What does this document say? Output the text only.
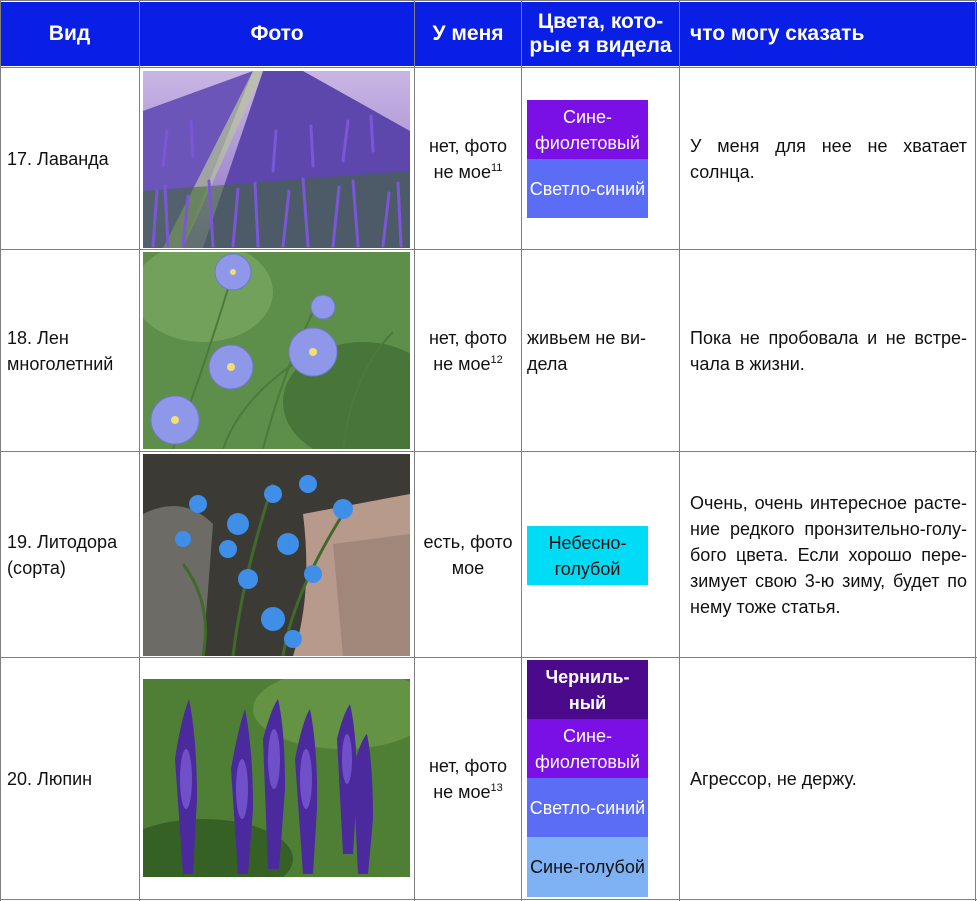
Вид	Фото	У меня
Цвета, кото-рые я видела
что могу сказать
17. Лаванда
нет, фото не мое$^{11}$
Сине-фиолетовый
Светло-синий
У меня для нее не хватает солнца.
18. Лен многолетний
нет, фото не мое$^{12}$
живьем не ви-дела
Пока не пробовала и не встре-чала в жизни.
19. Литодора (сорта)
есть, фото мое
Небесно-голубой
Очень, очень интересное расте-ние редкого пронзительно-голу-бого цвета. Если хорошо пере-зимует свою 3-ю зиму, будет по нему тоже статья.
20. Люпин
нет, фото не мое$^{13}$
Черниль-ный
Сине-фиолетовый
Светло-синий
Сине-голубой
Агрессор, не держу.
